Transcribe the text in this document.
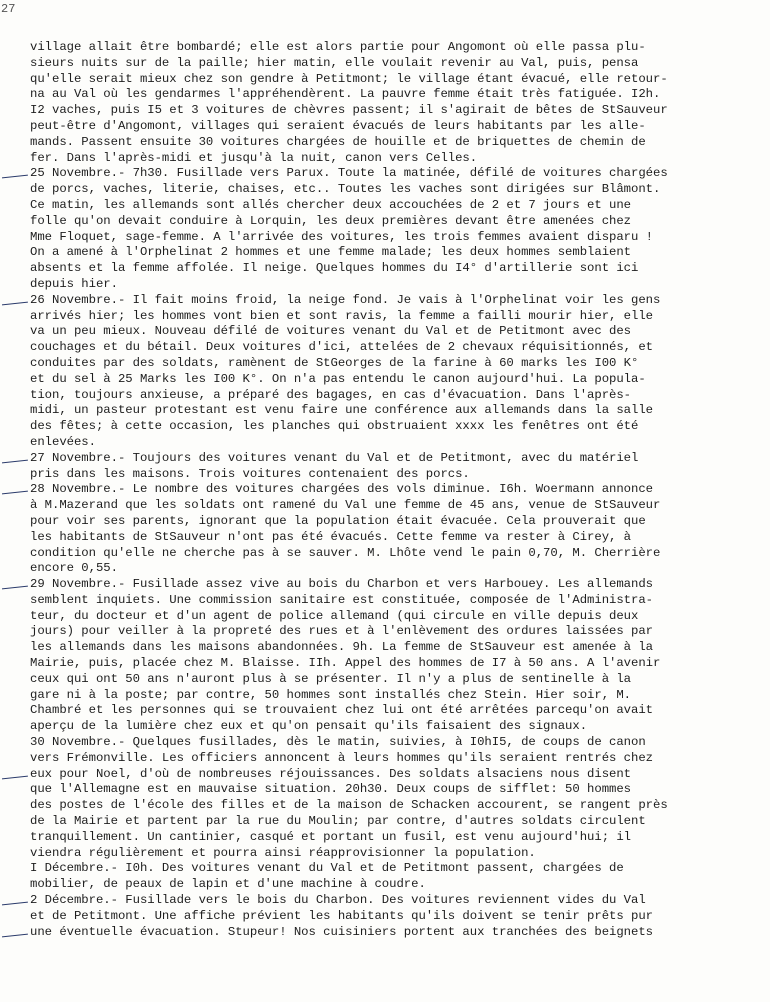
27
village allait être bombardé; elle est alors partie pour Angomont où elle passa plu-
sieurs nuits sur de la paille; hier matin, elle voulait revenir au Val, puis, pensa
qu'elle serait mieux chez son gendre à Petitmont; le village étant évacué, elle retour-
na au Val où les gendarmes l'appréhendèrent. La pauvre femme était très fatiguée. I2h.
I2 vaches, puis I5 et 3 voitures de chèvres passent; il s'agirait de bêtes de StSauveur
peut-être d'Angomont, villages qui seraient évacués de leurs habitants par les alle-
mands. Passent ensuite 30 voitures chargées de houille et de briquettes de chemin de
fer. Dans l'après-midi et jusqu'à la nuit, canon vers Celles.
25 Novembre.- 7h30. Fusillade vers Parux. Toute la matinée, défilé de voitures chargées
de porcs, vaches, literie, chaises, etc.. Toutes les vaches sont dirigées sur Blâmont.
Ce matin, les allemands sont allés chercher deux accouchées de 2 et 7 jours et une
folle qu'on devait conduire à Lorquin, les deux premières devant être amenées chez
Mme Floquet, sage-femme. A l'arrivée des voitures, les trois femmes avaient disparu !
On a amené à l'Orphelinat 2 hommes et une femme malade; les deux hommes semblaient
absents et la femme affolée. Il neige. Quelques hommes du I4° d'artillerie sont ici
depuis hier.
26 Novembre.- Il fait moins froid, la neige fond. Je vais à l'Orphelinat voir les gens
arrivés hier; les hommes vont bien et sont ravis, la femme a failli mourir hier, elle
va un peu mieux. Nouveau défilé de voitures venant du Val et de Petitmont avec des
couchages et du bétail. Deux voitures d'ici, attelées de 2 chevaux réquisitionnés, et
conduites par des soldats, ramènent de StGeorges de la farine à 60 marks les I00 K°
et du sel à 25 Marks les I00 K°. On n'a pas entendu le canon aujourd'hui. La popula-
tion, toujours anxieuse, a préparé des bagages, en cas d'évacuation. Dans l'après-
midi, un pasteur protestant est venu faire une conférence aux allemands dans la salle
des fêtes; à cette occasion, les planches qui obstruaient xxxx les fenêtres ont été
enlevées.
27 Novembre.- Toujours des voitures venant du Val et de Petitmont, avec du matériel
pris dans les maisons. Trois voitures contenaient des porcs.
28 Novembre.- Le nombre des voitures chargées des vols diminue. I6h. Woermann annonce
à M.Mazerand que les soldats ont ramené du Val une femme de 45 ans, venue de StSauveur
pour voir ses parents, ignorant que la population était évacuée. Cela prouverait que
les habitants de StSauveur n'ont pas été évacués. Cette femme va rester à Cirey, à
condition qu'elle ne cherche pas à se sauver. M. Lhôte vend le pain 0,70, M. Cherrière
encore 0,55.
29 Novembre.- Fusillade assez vive au bois du Charbon et vers Harbouey. Les allemands
semblent inquiets. Une commission sanitaire est constituée, composée de l'Administra-
teur, du docteur et d'un agent de police allemand (qui circule en ville depuis deux
jours) pour veiller à la propreté des rues et à l'enlèvement des ordures laissées par
les allemands dans les maisons abandonnées. 9h. La femme de StSauveur est amenée à la
Mairie, puis, placée chez M. Blaisse. IIh. Appel des hommes de I7 à 50 ans. A l'avenir
ceux qui ont 50 ans n'auront plus à se présenter. Il n'y a plus de sentinelle à la
gare ni à la poste; par contre, 50 hommes sont installés chez Stein. Hier soir, M.
Chambré et les personnes qui se trouvaient chez lui ont été arrêtées parcequ'on avait
aperçu de la lumière chez eux et qu'on pensait qu'ils faisaient des signaux.
30 Novembre.- Quelques fusillades, dès le matin, suivies, à I0hI5, de coups de canon
vers Frémonville. Les officiers annoncent à leurs hommes qu'ils seraient rentrés chez
eux pour Noel, d'où de nombreuses réjouissances. Des soldats alsaciens nous disent
que l'Allemagne est en mauvaise situation. 20h30. Deux coups de sifflet: 50 hommes
des postes de l'école des filles et de la maison de Schacken accourent, se rangent près
de la Mairie et partent par la rue du Moulin; par contre, d'autres soldats circulent
tranquillement. Un cantinier, casqué et portant un fusil, est venu aujourd'hui; il
viendra régulièrement et pourra ainsi réapprovisionner la population.
I Décembre.- I0h. Des voitures venant du Val et de Petitmont passent, chargées de
mobilier, de peaux de lapin et d'une machine à coudre.
2 Décembre.- Fusillade vers le bois du Charbon. Des voitures reviennent vides du Val
et de Petitmont. Une affiche prévient les habitants qu'ils doivent se tenir prêts pur
une éventuelle évacuation. Stupeur! Nos cuisiniers portent aux tranchées des beignets
